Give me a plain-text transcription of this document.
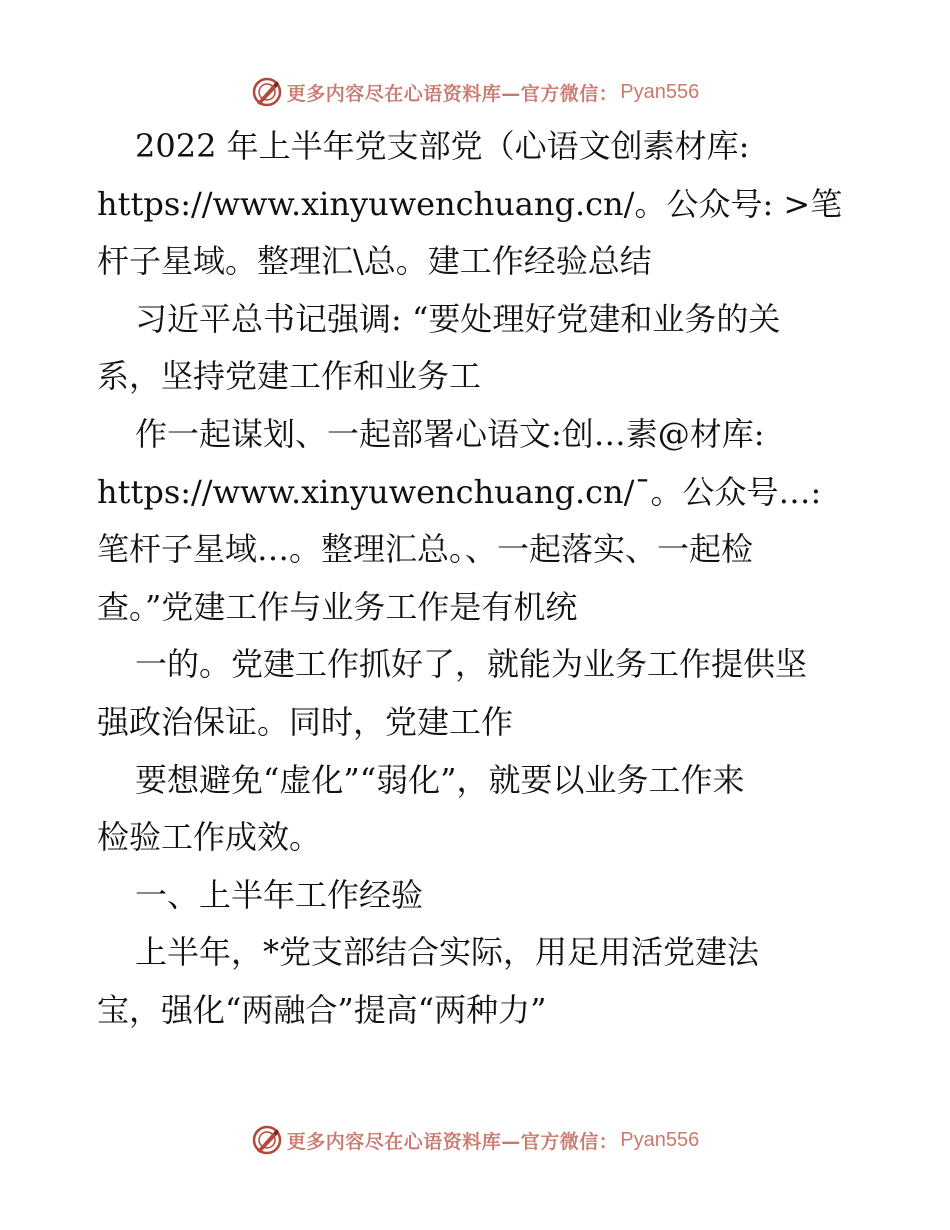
更多内容尽在心语资料库—官方微信： Pyan556

2022 年上半年党支部党（心语文创素材库:

https://www.xinyuwenchuang.cn/。公众号: >笔

杆子星域。整理汇\总。建工作经验总结

习近平总书记强调: “要处理好党建和业务的关

系，坚持党建工作和业务工

作一起谋划、一起部署心语文:创…素@材库:

https://www.xinyuwenchuang.cn/¯。公众号…:

笔杆子星域…。整理汇总。、一起落实、一起检

查。”党建工作与业务工作是有机统

一的。党建工作抓好了，就能为业务工作提供坚

强政治保证。同时，党建工作

要想避免“虚化”“弱化”，就要以业务工作来

检验工作成效。

一、上半年工作经验

上半年，*党支部结合实际，用足用活党建法

宝，强化“两融合”提高“两种力”

更多内容尽在心语资料库—官方微信： Pyan556
